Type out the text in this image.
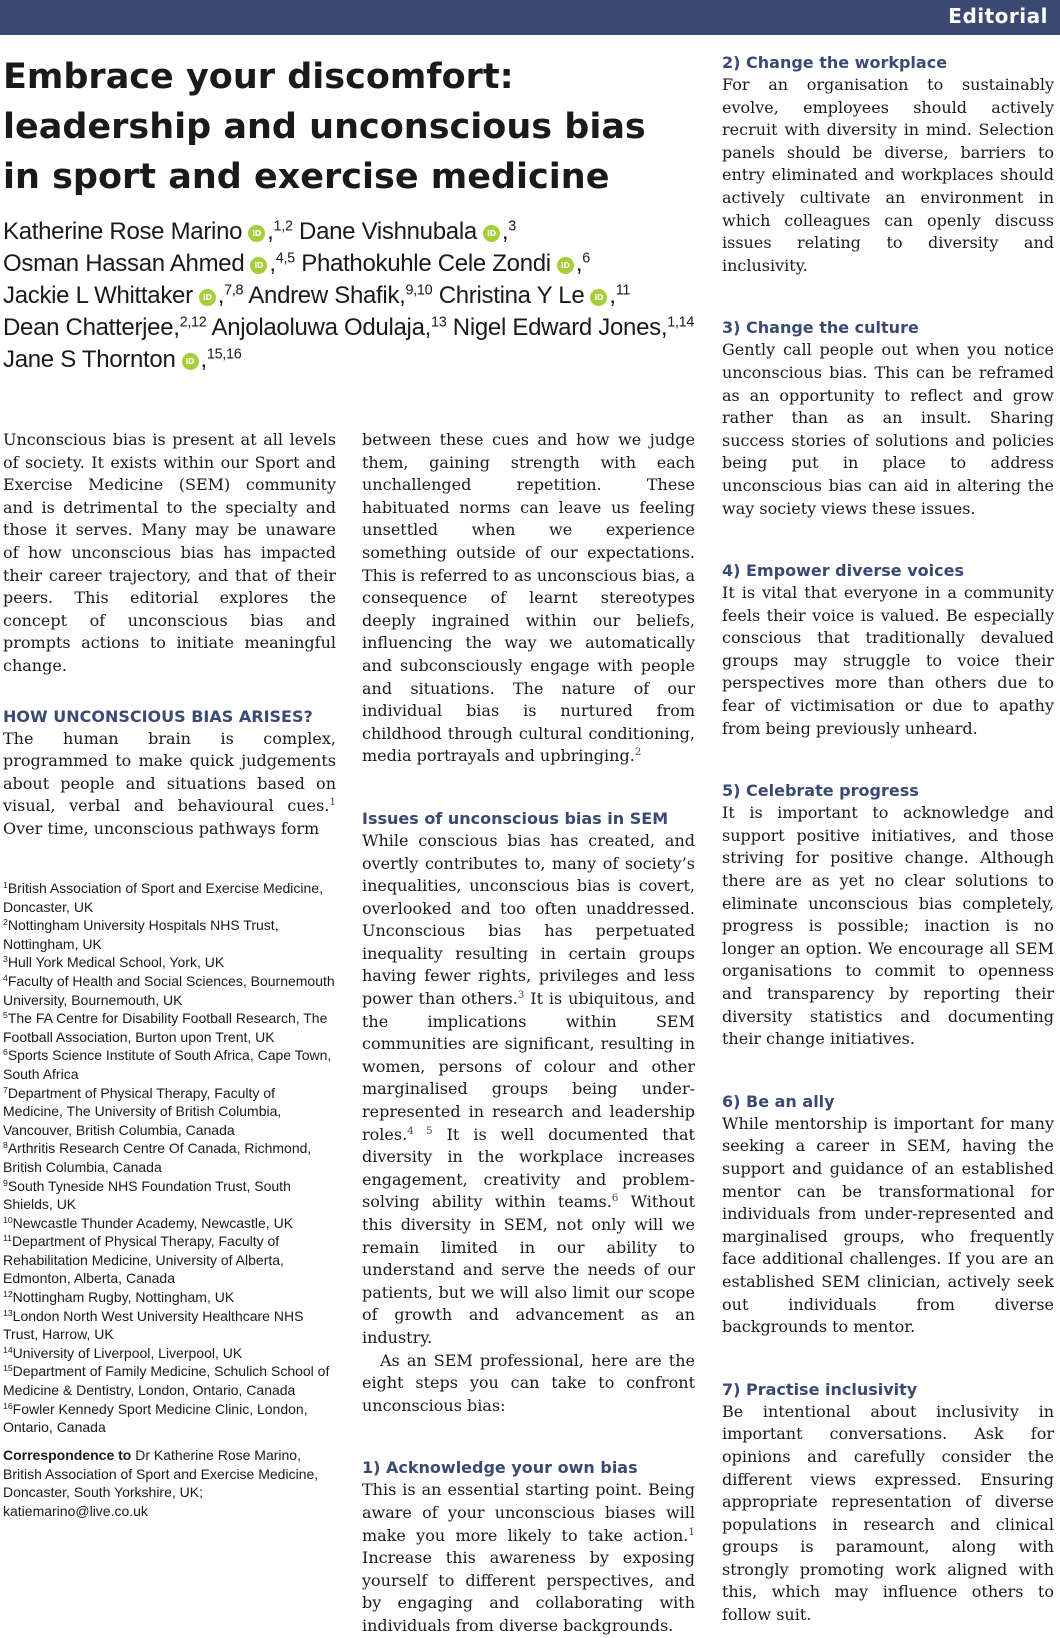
Editorial
Embrace your discomfort: leadership and unconscious bias in sport and exercise medicine
Katherine Rose Marino iD ,$^{1,2}$ Dane Vishnubala iD ,$^3$ Osman Hassan Ahmed iD ,$^{4,5}$ Phathokuhle Cele Zondi iD ,$^6$ Jackie L Whittaker iD ,$^{7,8}$ Andrew Shafik,$^{9,10}$ Christina Y Le iD ,$^{11}$ Dean Chatterjee,$^{2,12}$ Anjolaoluwa Odulaja,$^{13}$ Nigel Edward Jones,$^{1,14}$ Jane S Thornton iD ,$^{15,16}$

Unconscious bias is present at all levels of society. It exists within our Sport and Exercise Medicine (SEM) community and is detrimental to the specialty and those it serves. Many may be unaware of how unconscious bias has impacted their career trajectory, and that of their peers. This editorial explores the concept of unconscious bias and prompts actions to initiate meaningful change.

HOW UNCONSCIOUS BIAS ARISES?

The human brain is complex, programmed to make quick judgements about people and situations based on visual, verbal and behavioural cues.$^1$ Over time, unconscious pathways form

$^1$British Association of Sport and Exercise Medicine, Doncaster, UK
$^2$Nottingham University Hospitals NHS Trust, Nottingham, UK
$^3$Hull York Medical School, York, UK
$^4$Faculty of Health and Social Sciences, Bournemouth University, Bournemouth, UK
$^5$The FA Centre for Disability Football Research, The Football Association, Burton upon Trent, UK
$^6$Sports Science Institute of South Africa, Cape Town, South Africa
$^7$Department of Physical Therapy, Faculty of Medicine, The University of British Columbia, Vancouver, British Columbia, Canada
$^8$Arthritis Research Centre Of Canada, Richmond, British Columbia, Canada
$^9$South Tyneside NHS Foundation Trust, South Shields, UK
$^{10}$Newcastle Thunder Academy, Newcastle, UK
$^{11}$Department of Physical Therapy, Faculty of Rehabilitation Medicine, University of Alberta, Edmonton, Alberta, Canada
$^{12}$Nottingham Rugby, Nottingham, UK
$^{13}$London North West University Healthcare NHS Trust, Harrow, UK
$^{14}$University of Liverpool, Liverpool, UK
$^{15}$Department of Family Medicine, Schulich School of Medicine & Dentistry, London, Ontario, Canada
$^{16}$Fowler Kennedy Sport Medicine Clinic, London, Ontario, Canada
Correspondence to Dr Katherine Rose Marino, British Association of Sport and Exercise Medicine, Doncaster, South Yorkshire, UK; katiemarino@live.co.uk

between these cues and how we judge them, gaining strength with each unchallenged repetition. These habituated norms can leave us feeling unsettled when we experience something outside of our expectations. This is referred to as unconscious bias, a consequence of learnt stereotypes deeply ingrained within our beliefs, influencing the way we automatically and subconsciously engage with people and situations. The nature of our individual bias is nurtured from childhood through cultural conditioning, media portrayals and upbringing.$^2$

Issues of unconscious bias in SEM

While conscious bias has created, and overtly contributes to, many of society’s inequalities, unconscious bias is covert, overlooked and too often unaddressed. Unconscious bias has perpetuated inequality resulting in certain groups having fewer rights, privileges and less power than others.$^3$ It is ubiquitous, and the implications within SEM communities are significant, resulting in women, persons of colour and other marginalised groups being under-represented in research and leadership roles.$^{4 5}$ It is well documented that diversity in the workplace increases engagement, creativity and problem-solving ability within teams.$^6$ Without this diversity in SEM, not only will we remain limited in our ability to understand and serve the needs of our patients, but we will also limit our scope of growth and advancement as an industry.

As an SEM professional, here are the eight steps you can take to confront unconscious bias:

1) Acknowledge your own bias

This is an essential starting point. Being aware of your unconscious biases will make you more likely to take action.$^1$ Increase this awareness by exposing yourself to different perspectives, and by engaging and collaborating with individuals from diverse backgrounds.

2) Change the workplace

For an organisation to sustainably evolve, employees should actively recruit with diversity in mind. Selection panels should be diverse, barriers to entry eliminated and workplaces should actively cultivate an environment in which colleagues can openly discuss issues relating to diversity and inclusivity.

3) Change the culture

Gently call people out when you notice unconscious bias. This can be reframed as an opportunity to reflect and grow rather than as an insult. Sharing success stories of solutions and policies being put in place to address unconscious bias can aid in altering the way society views these issues.

4) Empower diverse voices

It is vital that everyone in a community feels their voice is valued. Be especially conscious that traditionally devalued groups may struggle to voice their perspectives more than others due to fear of victimisation or due to apathy from being previously unheard.

5) Celebrate progress

It is important to acknowledge and support positive initiatives, and those striving for positive change. Although there are as yet no clear solutions to eliminate unconscious bias completely, progress is possible; inaction is no longer an option. We encourage all SEM organisations to commit to openness and transparency by reporting their diversity statistics and documenting their change initiatives.

6) Be an ally

While mentorship is important for many seeking a career in SEM, having the support and guidance of an established mentor can be transformational for individuals from under-represented and marginalised groups, who frequently face additional challenges. If you are an established SEM clinician, actively seek out individuals from diverse backgrounds to mentor.

7) Practise inclusivity

Be intentional about inclusivity in important conversations. Ask for opinions and carefully consider the different views expressed. Ensuring appropriate representation of diverse populations in research and clinical groups is paramount, along with strongly promoting work aligned with this, which may influence others to follow suit.
